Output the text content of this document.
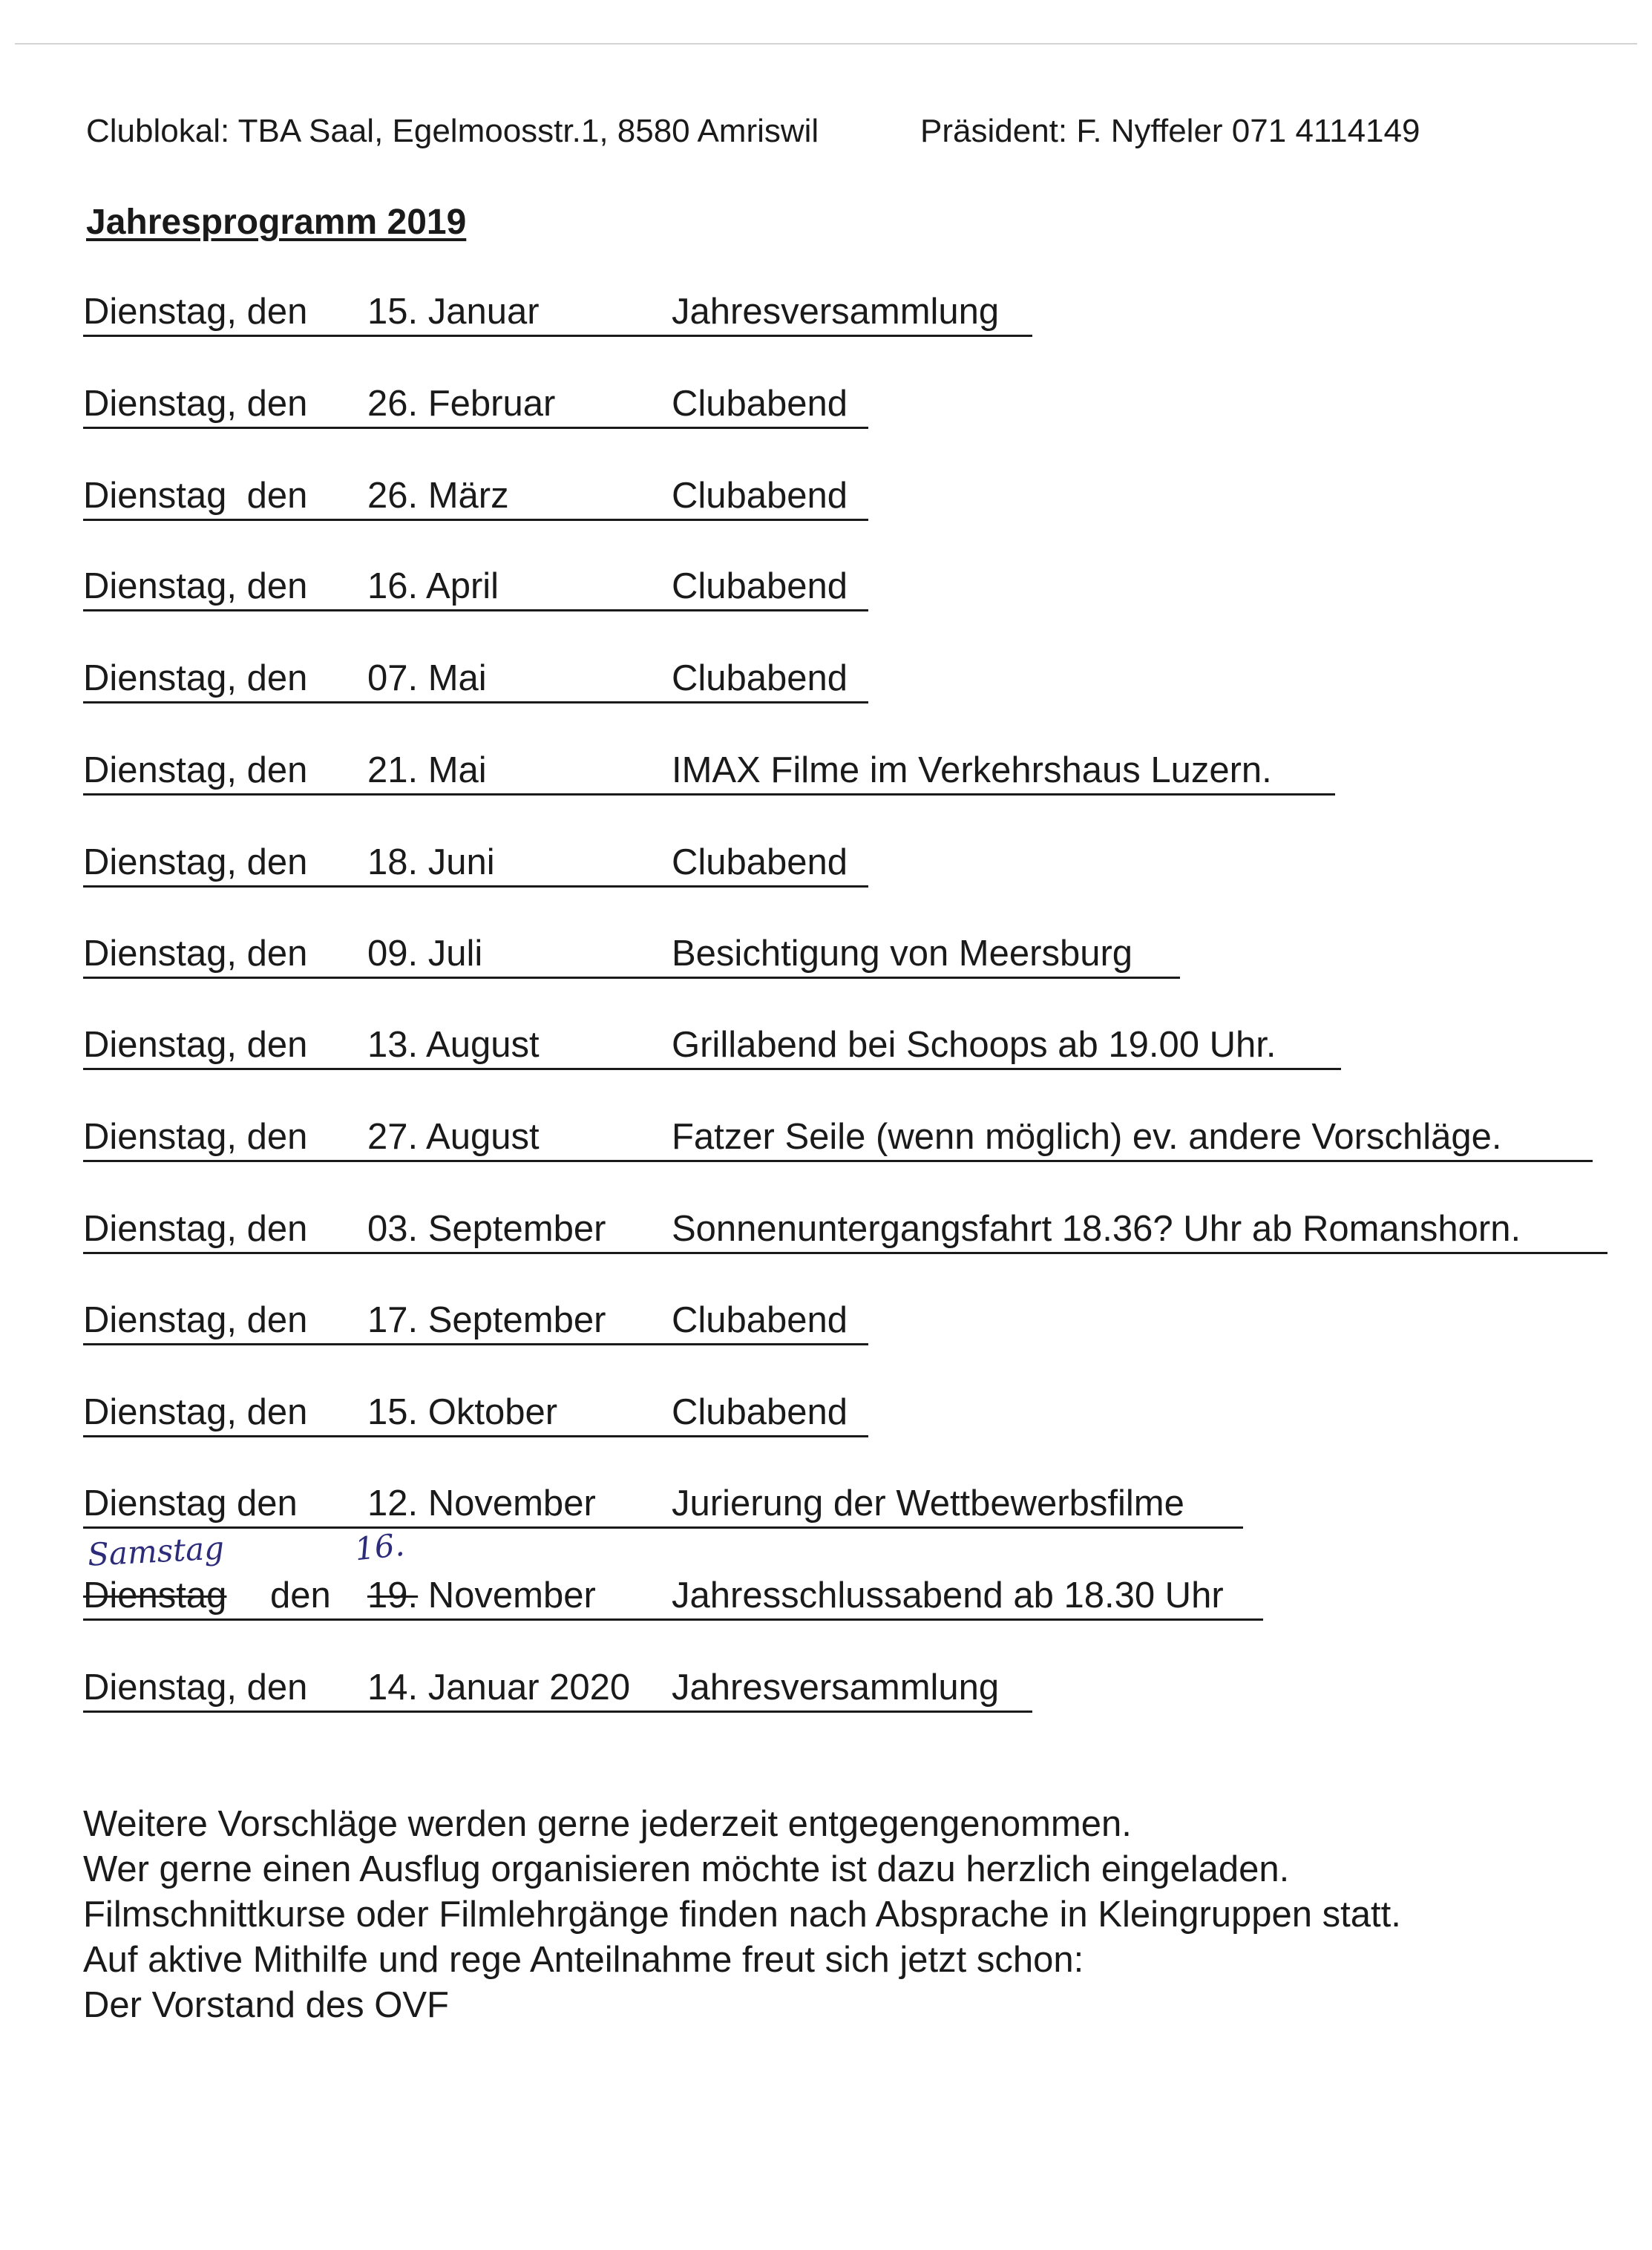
Clublokal: TBA Saal, Egelmoosstr.1, 8580 Amriswil	Präsident: F. Nyffeler 071 4114149
Jahresprogramm 2019
Dienstag, den 15. Januar	Jahresversammlung
Dienstag, den 26. Februar	Clubabend
Dienstag  den 26. März	Clubabend
Dienstag, den 16. April	Clubabend
Dienstag, den 07. Mai	Clubabend
Dienstag, den 21. Mai	IMAX Filme im Verkehrshaus Luzern.
Dienstag, den 18. Juni	Clubabend
Dienstag, den 09. Juli	Besichtigung von Meersburg
Dienstag, den 13. August	Grillabend bei Schoops ab 19.00 Uhr.
Dienstag, den 27. August	Fatzer Seile (wenn möglich) ev. andere Vorschläge.
Dienstag, den 03. September Sonnenuntergangsfahrt 18.36? Uhr ab Romanshorn.
Dienstag, den 17. September Clubabend
Dienstag, den 15. Oktober	Clubabend
Dienstag den 12. November Jurierung der Wettbewerbsfilme
Samstag	16.
Dienstag den 19. November Jahresschlussabend ab 18.30 Uhr
Dienstag, den 14. Januar 2020 Jahresversammlung
Weitere Vorschläge werden gerne jederzeit entgegengenommen.
Wer gerne einen Ausflug organisieren möchte ist dazu herzlich eingeladen.
Filmschnittkurse oder Filmlehrgänge finden nach Absprache in Kleingruppen statt.
Auf aktive Mithilfe und rege Anteilnahme freut sich jetzt schon:
Der Vorstand des OVF
